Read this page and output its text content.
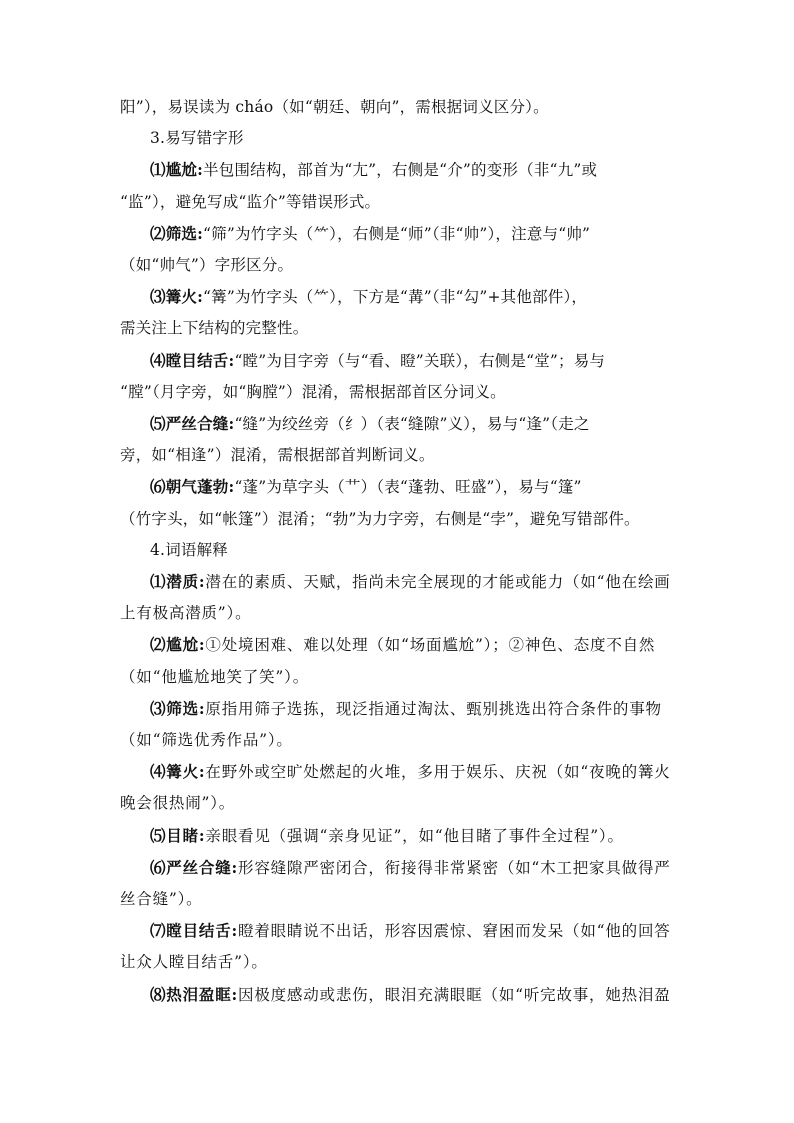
阳”），易误读为 cháo（如“朝廷、朝向”，需根据词义区分）。
3.易写错字形
⑴尴尬:半包围结构，部首为“尢”，右侧是“介”的变形（非“九”或
“监”），避免写成“监介”等错误形式。
⑵筛选:“筛”为竹字头（⺮），右侧是“师”（非“帅”），注意与“帅”
（如“帅气”）字形区分。
⑶篝火:“篝”为竹字头（⺮），下方是“冓”（非“勾”+其他部件），
需关注上下结构的完整性。
⑷瞠目结舌:“瞠”为目字旁（与“看、瞪”关联），右侧是“堂”；易与
“膛”（月字旁，如“胸膛”）混淆，需根据部首区分词义。
⑸严丝合缝:“缝”为绞丝旁（纟）（表“缝隙”义），易与“逢”（走之
旁，如“相逢”）混淆，需根据部首判断词义。
⑹朝气蓬勃:“蓬”为草字头（艹）（表“蓬勃、旺盛”），易与“篷”
（竹字头，如“帐篷”）混淆；“勃”为力字旁，右侧是“孛”，避免写错部件。
4.词语解释
⑴潜质:潜在的素质、天赋，指尚未完全展现的才能或能力（如“他在绘画
上有极高潜质”）。
⑵尴尬:①处境困难、难以处理（如“场面尴尬”）；②神色、态度不自然
（如“他尴尬地笑了笑”）。
⑶筛选:原指用筛子选拣，现泛指通过淘汰、甄别挑选出符合条件的事物
（如“筛选优秀作品”）。
⑷篝火:在野外或空旷处燃起的火堆，多用于娱乐、庆祝（如“夜晚的篝火
晚会很热闹”）。
⑸目睹:亲眼看见（强调“亲身见证”，如“他目睹了事件全过程”）。
⑹严丝合缝:形容缝隙严密闭合，衔接得非常紧密（如“木工把家具做得严
丝合缝”）。
⑺瞠目结舌:瞪着眼睛说不出话，形容因震惊、窘困而发呆（如“他的回答
让众人瞠目结舌”）。
⑻热泪盈眶:因极度感动或悲伤，眼泪充满眼眶（如“听完故事，她热泪盈
